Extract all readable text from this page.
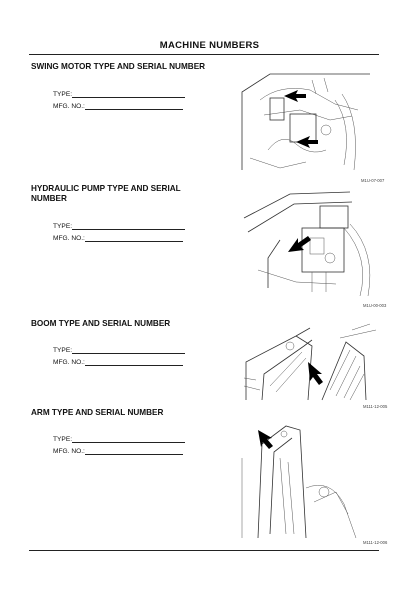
MACHINE NUMBERS
SWING MOTOR TYPE AND SERIAL NUMBER
TYPE:
MFG. NO.:
M1U-07-007
HYDRAULIC PUMP TYPE AND SERIAL NUMBER
TYPE:
MFG. NO.:
M1U-00-003
BOOM TYPE AND SERIAL NUMBER
TYPE:
MFG. NO.:
M111-12-005
ARM TYPE AND SERIAL NUMBER
TYPE:
MFG. NO.:
M111-12-006
